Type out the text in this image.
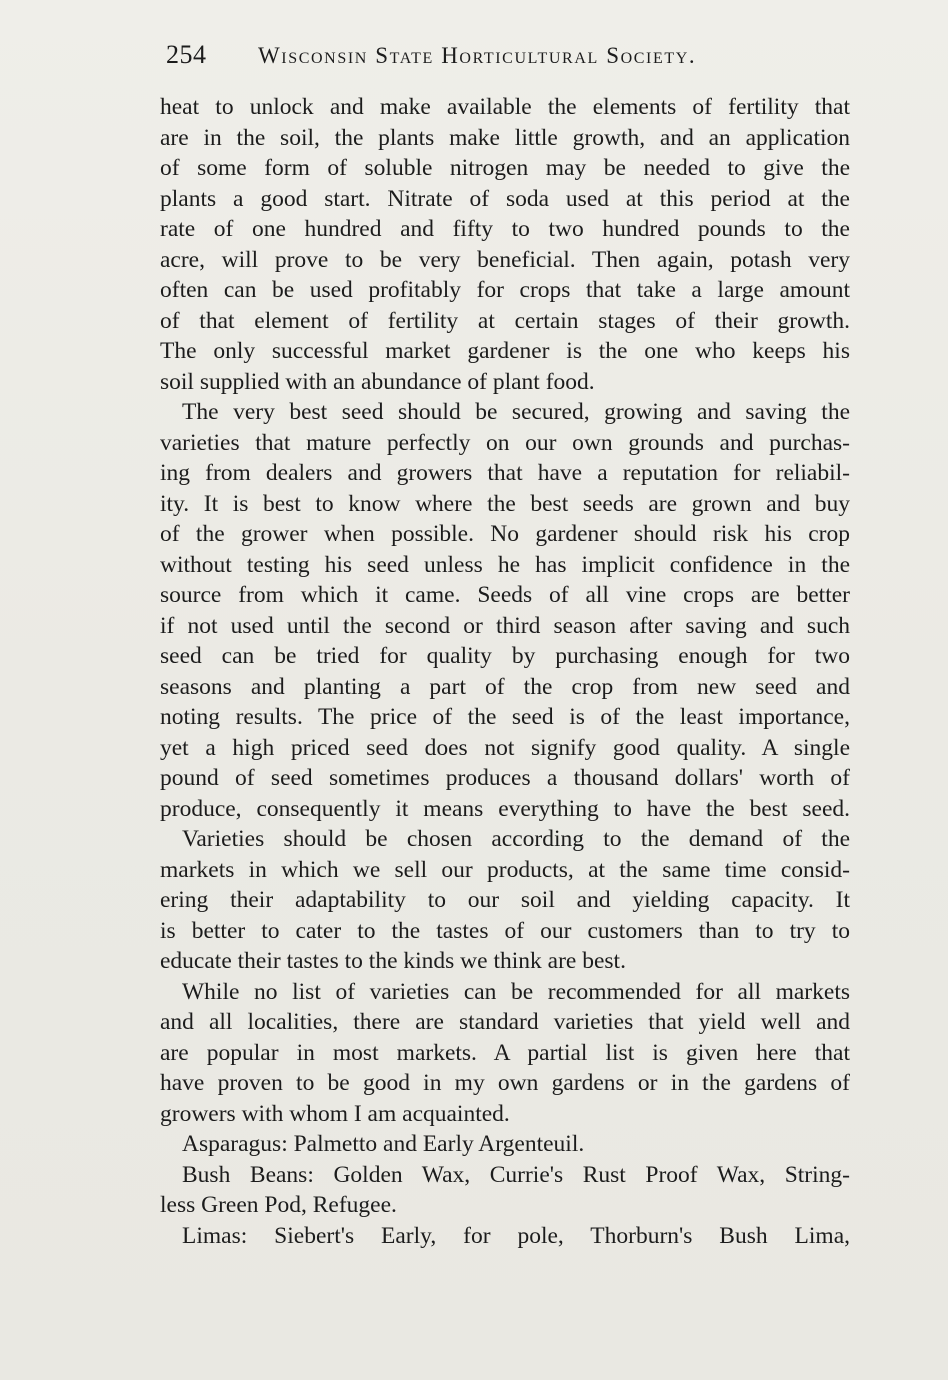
254 Wisconsin State Horticultural Society.
heat to unlock and make available the elements of fertility that
are in the soil, the plants make little growth, and an application
of some form of soluble nitrogen may be needed to give the
plants a good start. Nitrate of soda used at this period at the
rate of one hundred and fifty to two hundred pounds to the
acre, will prove to be very beneficial. Then again, potash very
often can be used profitably for crops that take a large amount
of that element of fertility at certain stages of their growth.
The only successful market gardener is the one who keeps his
soil supplied with an abundance of plant food.
The very best seed should be secured, growing and saving the
varieties that mature perfectly on our own grounds and purchas-
ing from dealers and growers that have a reputation for reliabil-
ity. It is best to know where the best seeds are grown and buy
of the grower when possible. No gardener should risk his crop
without testing his seed unless he has implicit confidence in the
source from which it came. Seeds of all vine crops are better
if not used until the second or third season after saving and such
seed can be tried for quality by purchasing enough for two
seasons and planting a part of the crop from new seed and
noting results. The price of the seed is of the least importance,
yet a high priced seed does not signify good quality. A single
pound of seed sometimes produces a thousand dollars' worth of
produce, consequently it means everything to have the best seed.
Varieties should be chosen according to the demand of the
markets in which we sell our products, at the same time consid-
ering their adaptability to our soil and yielding capacity. It
is better to cater to the tastes of our customers than to try to
educate their tastes to the kinds we think are best.
While no list of varieties can be recommended for all markets
and all localities, there are standard varieties that yield well and
are popular in most markets. A partial list is given here that
have proven to be good in my own gardens or in the gardens of
growers with whom I am acquainted.
Asparagus: Palmetto and Early Argenteuil.
Bush Beans: Golden Wax, Currie's Rust Proof Wax, String-
less Green Pod, Refugee.
Limas: Siebert's Early, for pole, Thorburn's Bush Lima,
